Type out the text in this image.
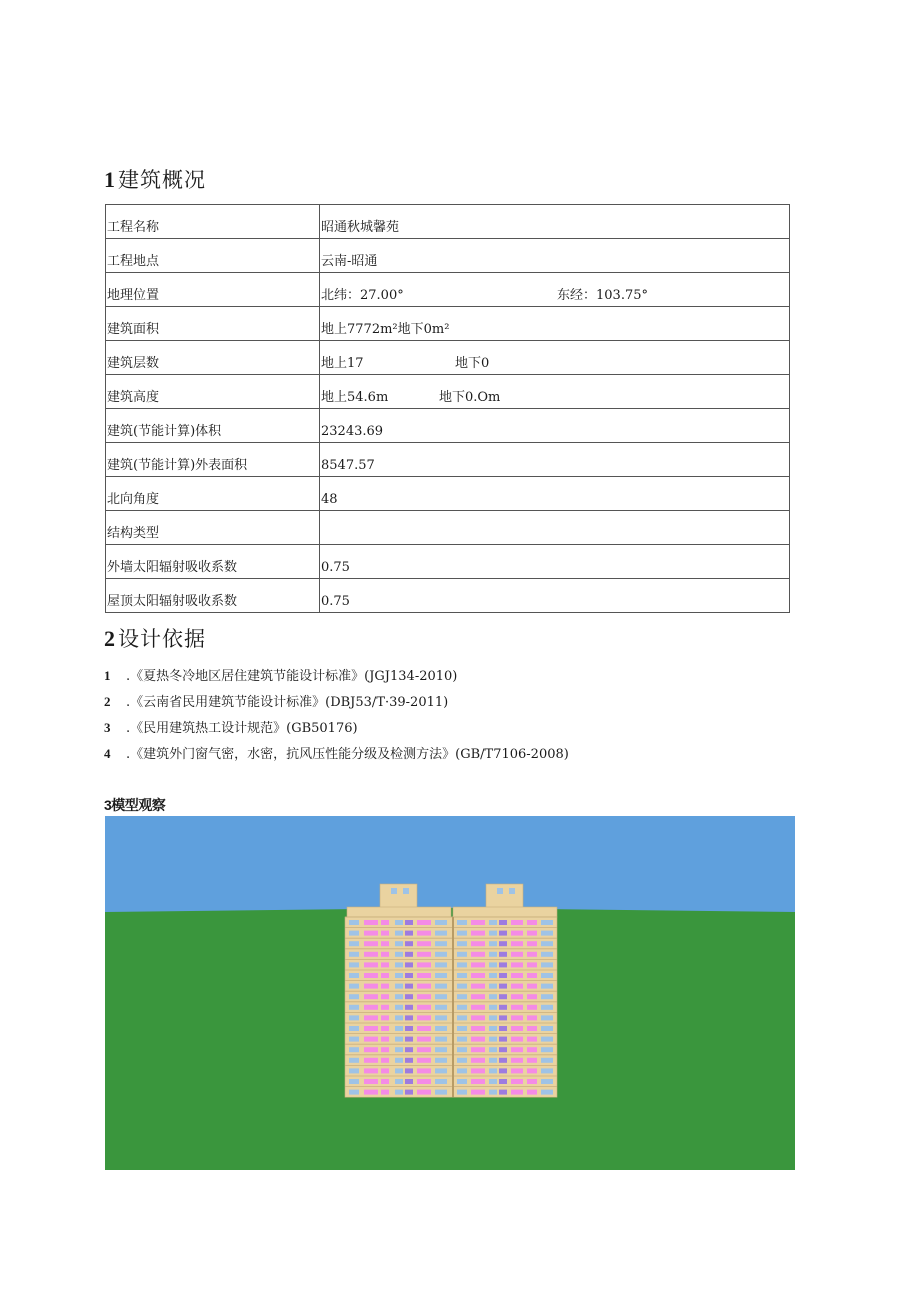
1建筑概况
工程名称	昭通秋城馨苑
工程地点	云南-昭通
地理位置	北纬：27.00° 东经：103.75°
建筑面积	地上7772m²地下0m²
建筑层数	地上17 地下0
建筑高度	地上54.6m 地下0.Om
建筑(节能计算)体积	23243.69
建筑(节能计算)外表面积	8547.57
北向角度	48
结构类型	
外墙太阳辐射吸收系数	0.75
屋顶太阳辐射吸收系数	0.75
2设计依据
1 .《夏热冬冷地区居住建筑节能设计标准》(JGJ134-2010)
2 .《云南省民用建筑节能设计标准》(DBJ53/T·39-2011)
3 .《民用建筑热工设计规范》(GB50176)
4 .《建筑外门窗气密，水密，抗风压性能分级及检测方法》(GB/T7106-2008)
3模型观察
